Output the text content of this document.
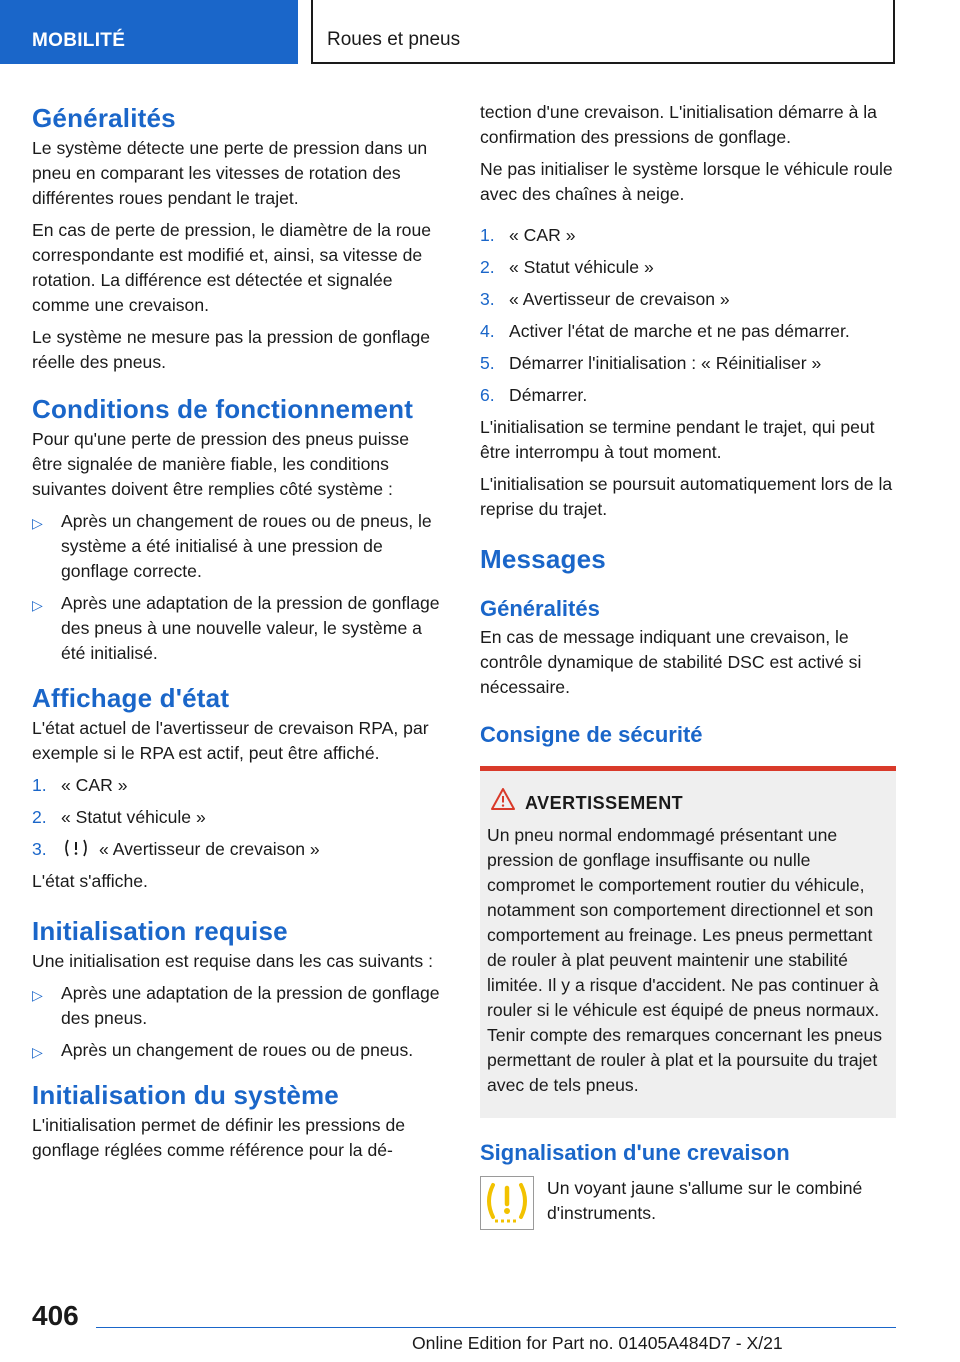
MOBILITÉ	Roues et pneus
Généralités

Le système détecte une perte de pression dans un pneu en comparant les vitesses de rotation des différentes roues pendant le trajet.

En cas de perte de pression, le diamètre de la roue correspondante est modifié et, ainsi, sa vitesse de rotation. La différence est détectée et signalée comme une crevaison.

Le système ne mesure pas la pression de gonflage réelle des pneus.

Conditions de fonctionnement

Pour qu'une perte de pression des pneus puisse être signalée de manière fiable, les conditions suivantes doivent être remplies côté système :

▷ Après un changement de roues ou de pneus, le système a été initialisé à une pression de gonflage correcte.
▷ Après une adaptation de la pression de gonflage des pneus à une nouvelle valeur, le système a été initialisé.
Affichage d'état

L'état actuel de l'avertisseur de crevaison RPA, par exemple si le RPA est actif, peut être affiché.

1. « CAR »
2. « Statut véhicule »
3.	« Avertisseur de crevaison »

L'état s'affiche.

Initialisation requise

Une initialisation est requise dans les cas suivants :

▷ Après une adaptation de la pression de gonflage des pneus.
▷ Après un changement de roues ou de pneus.
Initialisation du système

L'initialisation permet de définir les pressions de gonflage réglées comme référence pour la dé-

tection d'une crevaison. L'initialisation démarre à la confirmation des pressions de gonflage.

Ne pas initialiser le système lorsque le véhicule roule avec des chaînes à neige.

1. « CAR »
2. « Statut véhicule »
3. « Avertisseur de crevaison »
4. Activer l'état de marche et ne pas démarrer.
5. Démarrer l'initialisation : « Réinitialiser »
6. Démarrer.

L'initialisation se termine pendant le trajet, qui peut être interrompu à tout moment.

L'initialisation se poursuit automatiquement lors de la reprise du trajet.

Messages
Généralités

En cas de message indiquant une crevaison, le contrôle dynamique de stabilité DSC est activé si nécessaire.

Consigne de sécurité
AVERTISSEMENT

Un pneu normal endommagé présentant une pression de gonflage insuffisante ou nulle compromet le comportement routier du véhicule, notamment son comportement directionnel et son comportement au freinage. Les pneus permettant de rouler à plat peuvent maintenir une stabilité limitée. Il y a risque d'accident. Ne pas continuer à rouler si le véhicule est équipé de pneus normaux. Tenir compte des remarques concernant les pneus permettant de rouler à plat et la poursuite du trajet avec de tels pneus.

Signalisation d'une crevaison

Un voyant jaune s'allume sur le combiné d'instruments.

406
Online Edition for Part no. 01405A484D7 - X/21
